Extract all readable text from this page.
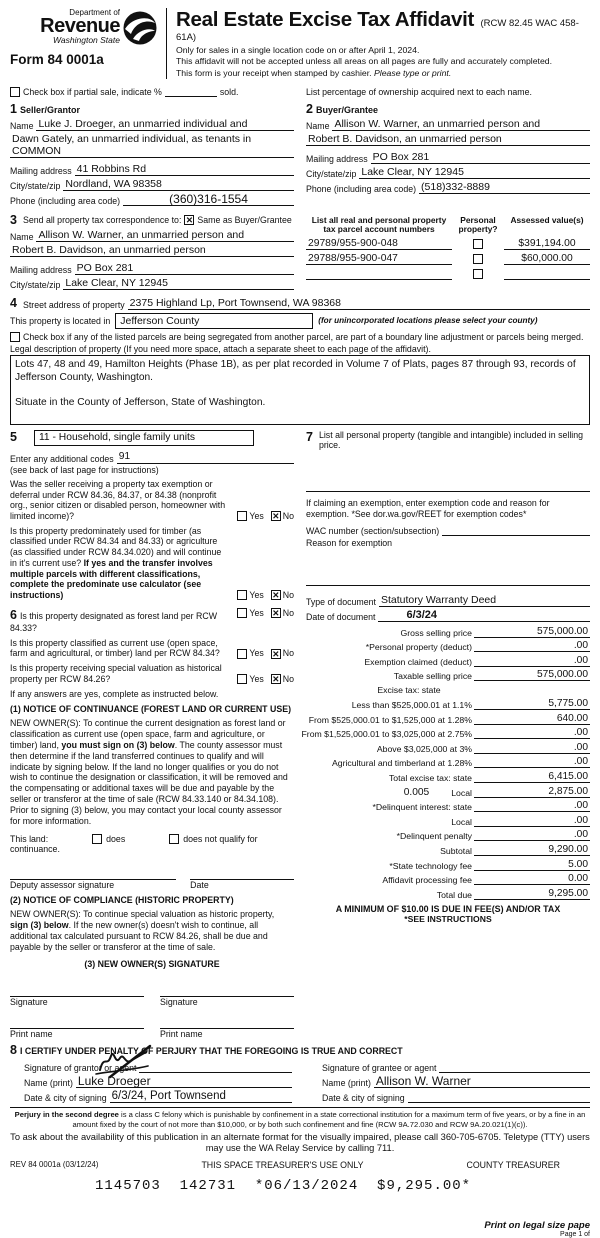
Department of
Revenue
Washington State
Form 84 0001a
Real Estate Excise Tax Affidavit (RCW 82.45 WAC 458-61A)
Only for sales in a single location code on or after April 1, 2024.
This affidavit will not be accepted unless all areas on all pages are fully and accurately completed.
This form is your receipt when stamped by cashier. Please type or print.
Check box if partial sale, indicate %	sold.	List percentage of ownership acquired next to each name.
1 Seller/Grantor
Name Luke J. Droeger, an unmarried individual and
Dawn Gately, an unmarried individual, as tenants in COMMON
Mailing address 41 Robbins Rd
City/state/zip Nordland, WA 98358
Phone (including area code)	(360)316-1554
2 Buyer/Grantee
Name Allison W. Warner, an unmarried person and
Robert B. Davidson, an unmarried person
Mailing address PO Box 281
City/state/zip Lake Clear, NY 12945
Phone (including area code) (518)332-8889
3 Send all property tax correspondence to: ✕ Same as Buyer/Grantee
Name Allison W. Warner, an unmarried person and
Robert B. Davidson, an unmarried person
Mailing address PO Box 281
City/state/zip Lake Clear, NY 12945
List all real and personal property tax parcel account numbers
Personal property?
Assessed value(s)
29789/955-900-048	$391,194.00
29788/955-900-047	$60,000.00
4 Street address of property 2375 Highland Lp, Port Townsend, WA 98368
This property is located in Jefferson County	(for unincorporated locations please select your county)
Check box if any of the listed parcels are being segregated from another parcel, are part of a boundary line adjustment or parcels being merged.
Legal description of property (If you need more space, attach a separate sheet to each page of the affidavit).
Lots 47, 48 and 49, Hamilton Heights (Phase 1B), as per plat recorded in Volume 7 of Plats, pages 87 through 93, records of Jefferson County, Washington.
Situate in the County of Jefferson, State of Washington.
5	11 - Household, single family units
Enter any additional codes 91
(see back of last page for instructions)
Was the seller receiving a property tax exemption or deferral under RCW 84.36, 84.37, or 84.38 (nonprofit org., senior citizen or disabled person, homeowner with limited income)?	Yes ✕ No
Is this property predominately used for timber (as classified under RCW 84.34 and 84.33) or agriculture (as classified under RCW 84.34.020) and will continue in it's current use? If yes and the transfer involves multiple parcels with different classifications, complete the predominate use calculator (see instructions)	Yes ✕ No
6 Is this property designated as forest land per RCW 84.33?
Yes ✕ No
Is this property classified as current use (open space, farm and agricultural, or timber) land per RCW 84.34?	Yes ✕ No
Is this property receiving special valuation as historical property per RCW 84.26?	Yes ✕ No
If any answers are yes, complete as instructed below.
(1) NOTICE OF CONTINUANCE (FOREST LAND OR CURRENT USE)
NEW OWNER(S): To continue the current designation as forest land or classification as current use (open space, farm and agriculture, or timber) land, you must sign on (3) below. The county assessor must then determine if the land transferred continues to qualify and will indicate by signing below. If the land no longer qualifies or you do not wish to continue the designation or classification, it will be removed and the compensating or additional taxes will be due and payable by the seller or transferor at the time of sale (RCW 84.33.140 or 84.34.108). Prior to signing (3) below, you may contact your local county assessor for more information.
This land:	does	does not qualify for
continuance.
Deputy assessor signature	Date
(2) NOTICE OF COMPLIANCE (HISTORIC PROPERTY)
NEW OWNER(S): To continue special valuation as historic property, sign (3) below. If the new owner(s) doesn't wish to continue, all additional tax calculated pursuant to RCW 84.26, shall be due and payable by the seller or transferor at the time of sale.
(3) NEW OWNER(S) SIGNATURE
Signature	Signature
Print name	Print name
7 List all personal property (tangible and intangible) included in selling price.
If claiming an exemption, enter exemption code and reason for exemption. *See dor.wa.gov/REET for exemption codes*
WAC number (section/subsection)
Reason for exemption
Type of document Statutory Warranty Deed
Date of document	6/3/24
Gross selling price	575,000.00
*Personal property (deduct)	.00
Exemption claimed (deduct)	.00
Taxable selling price	575,000.00
Excise tax: state
Less than $525,000.01 at 1.1%	5,775.00
From $525,000.01 to $1,525,000 at 1.28%	640.00
From $1,525,000.01 to $3,025,000 at 2.75%	.00
Above $3,025,000 at 3%	.00
Agricultural and timberland at 1.28%	.00
Total excise tax: state	6,415.00
0.005	Local	2,875.00
*Delinquent interest: state	.00
Local	.00
*Delinquent penalty	.00
Subtotal	9,290.00
*State technology fee	5.00
Affidavit processing fee	0.00
Total due	9,295.00
A MINIMUM OF $10.00 IS DUE IN FEE(S) AND/OR TAX
*SEE INSTRUCTIONS
8 I CERTIFY UNDER PENALTY OF PERJURY THAT THE FOREGOING IS TRUE AND CORRECT
Signature of grantor or agent
Name (print) Luke Droeger
Date & city of signing 6/3/24, Port Townsend
Signature of grantee or agent
Name (print) Allison W. Warner
Date & city of signing
Perjury in the second degree is a class C felony which is punishable by confinement in a state correctional institution for a maximum term of five years, or by a fine in an amount fixed by the court of not more than $10,000, or by both such confinement and fine (RCW 9A.72.030 and RCW 9A.20.021(1)(c)).
To ask about the availability of this publication in an alternate format for the visually impaired, please call 360-705-6705. Teletype (TTY) users may use the WA Relay Service by calling 711.
REV 84 0001a (03/12/24)	THIS SPACE TREASURER'S USE ONLY	COUNTY TREASURER
1145703  142731  *06/13/2024  $9,295.00*
Print on legal size pape
Page 1 of
